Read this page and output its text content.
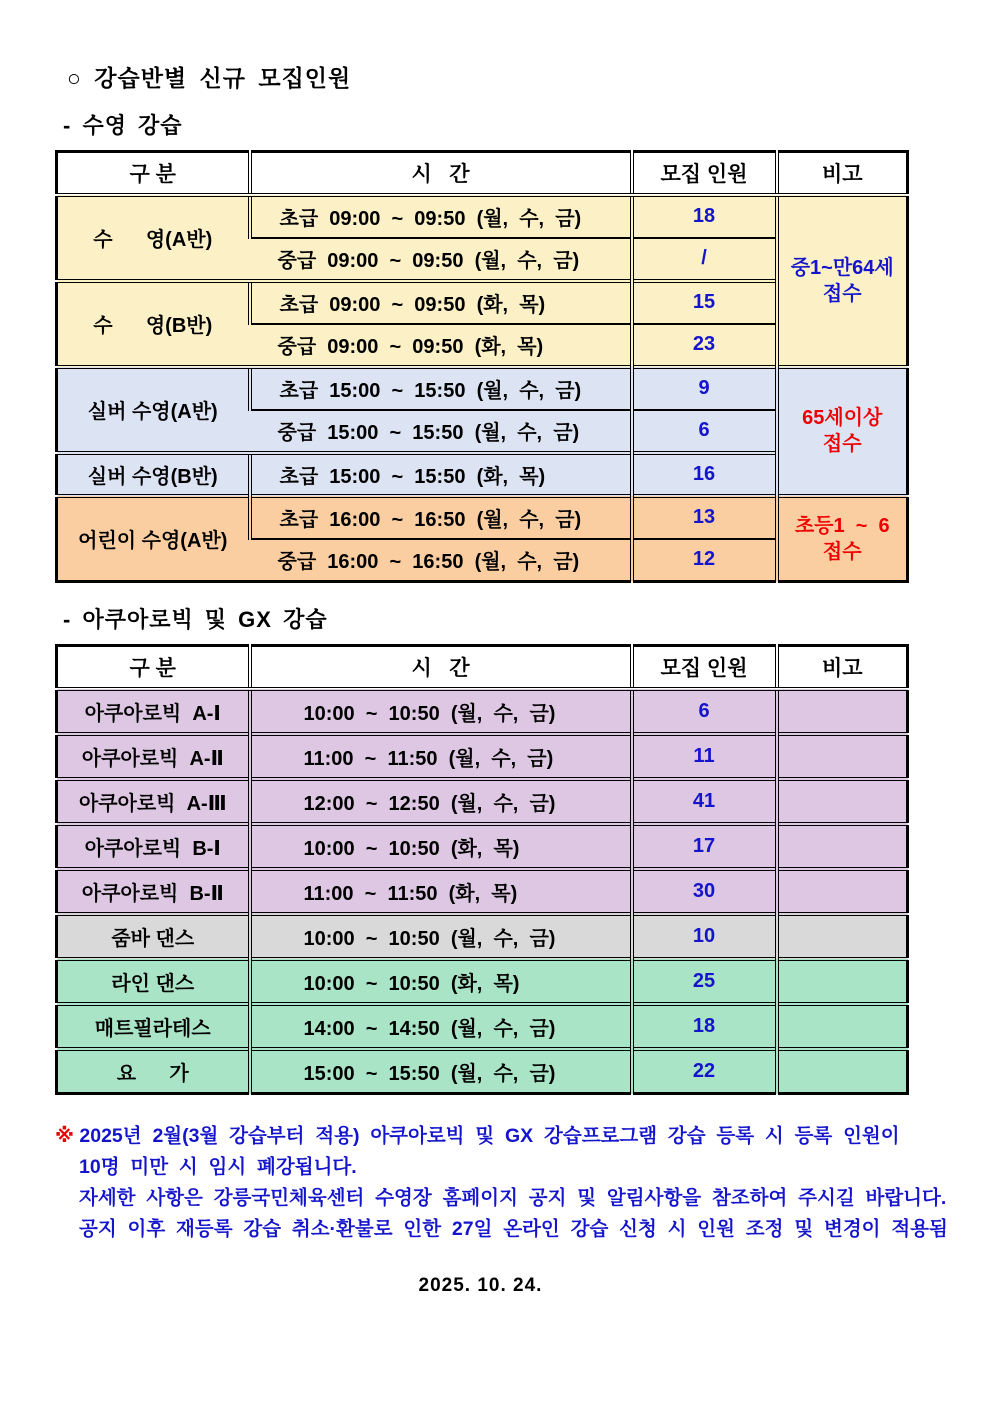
○ 강습반별 신규 모집인원
- 수영 강습
구 분	시   간	모집 인원	비고
수      영(A반)	초급  09:00  ~  09:50  (월,  수,  금)	18	중1~만64세
접수

	중급  09:00  ~  09:50  (월,  수,  금)	/	
수      영(B반)	초급  09:00  ~  09:50  (화,  목)	15	
	중급  09:00  ~  09:50  (화,  목)	23	
실버 수영(A반)	초급  15:00  ~  15:50  (월,  수,  금)	9	65세이상
접수

	중급  15:00  ~  15:50  (월,  수,  금)	6	
실버 수영(B반)	초급  15:00  ~  15:50  (화,  목)	16	
어린이 수영(A반)	초급  16:00  ~  16:50  (월,  수,  금)	13	초등1  ~  6
접수

	중급  16:00  ~  16:50  (월,  수,  금)	12	
- 아쿠아로빅 및 GX 강습
구 분	시   간	모집 인원	비고
아쿠아로빅  A-Ⅰ	10:00  ~  10:50  (월,  수,  금)	6	
아쿠아로빅  A-Ⅱ	11:00  ~  11:50  (월,  수,  금)	11	
아쿠아로빅  A-Ⅲ	12:00  ~  12:50  (월,  수,  금)	41	
아쿠아로빅  B-Ⅰ	10:00  ~  10:50  (화,  목)	17	
아쿠아로빅  B-Ⅱ	11:00  ~  11:50  (화,  목)	30	
줌바 댄스	10:00  ~  10:50  (월,  수,  금)	10	
라인 댄스	10:00  ~  10:50  (화,  목)	25	
매트필라테스	14:00  ~  14:50  (월,  수,  금)	18	
요      가	15:00  ~  15:50  (월,  수,  금)	22	
※ 2025년  2월(3월  강습부터  적용)  아쿠아로빅  및  GX  강습프로그램  강습  등록  시  등록  인원이
10명  미만  시  임시  폐강됩니다.
자세한  사항은  강릉국민체육센터  수영장  홈페이지  공지  및  알림사항을  참조하여  주시길  바랍니다.
공지  이후  재등록  강습  취소·환불로  인한  27일  온라인  강습  신청  시  인원  조정  및  변경이  적용됨
2025. 10. 24.
